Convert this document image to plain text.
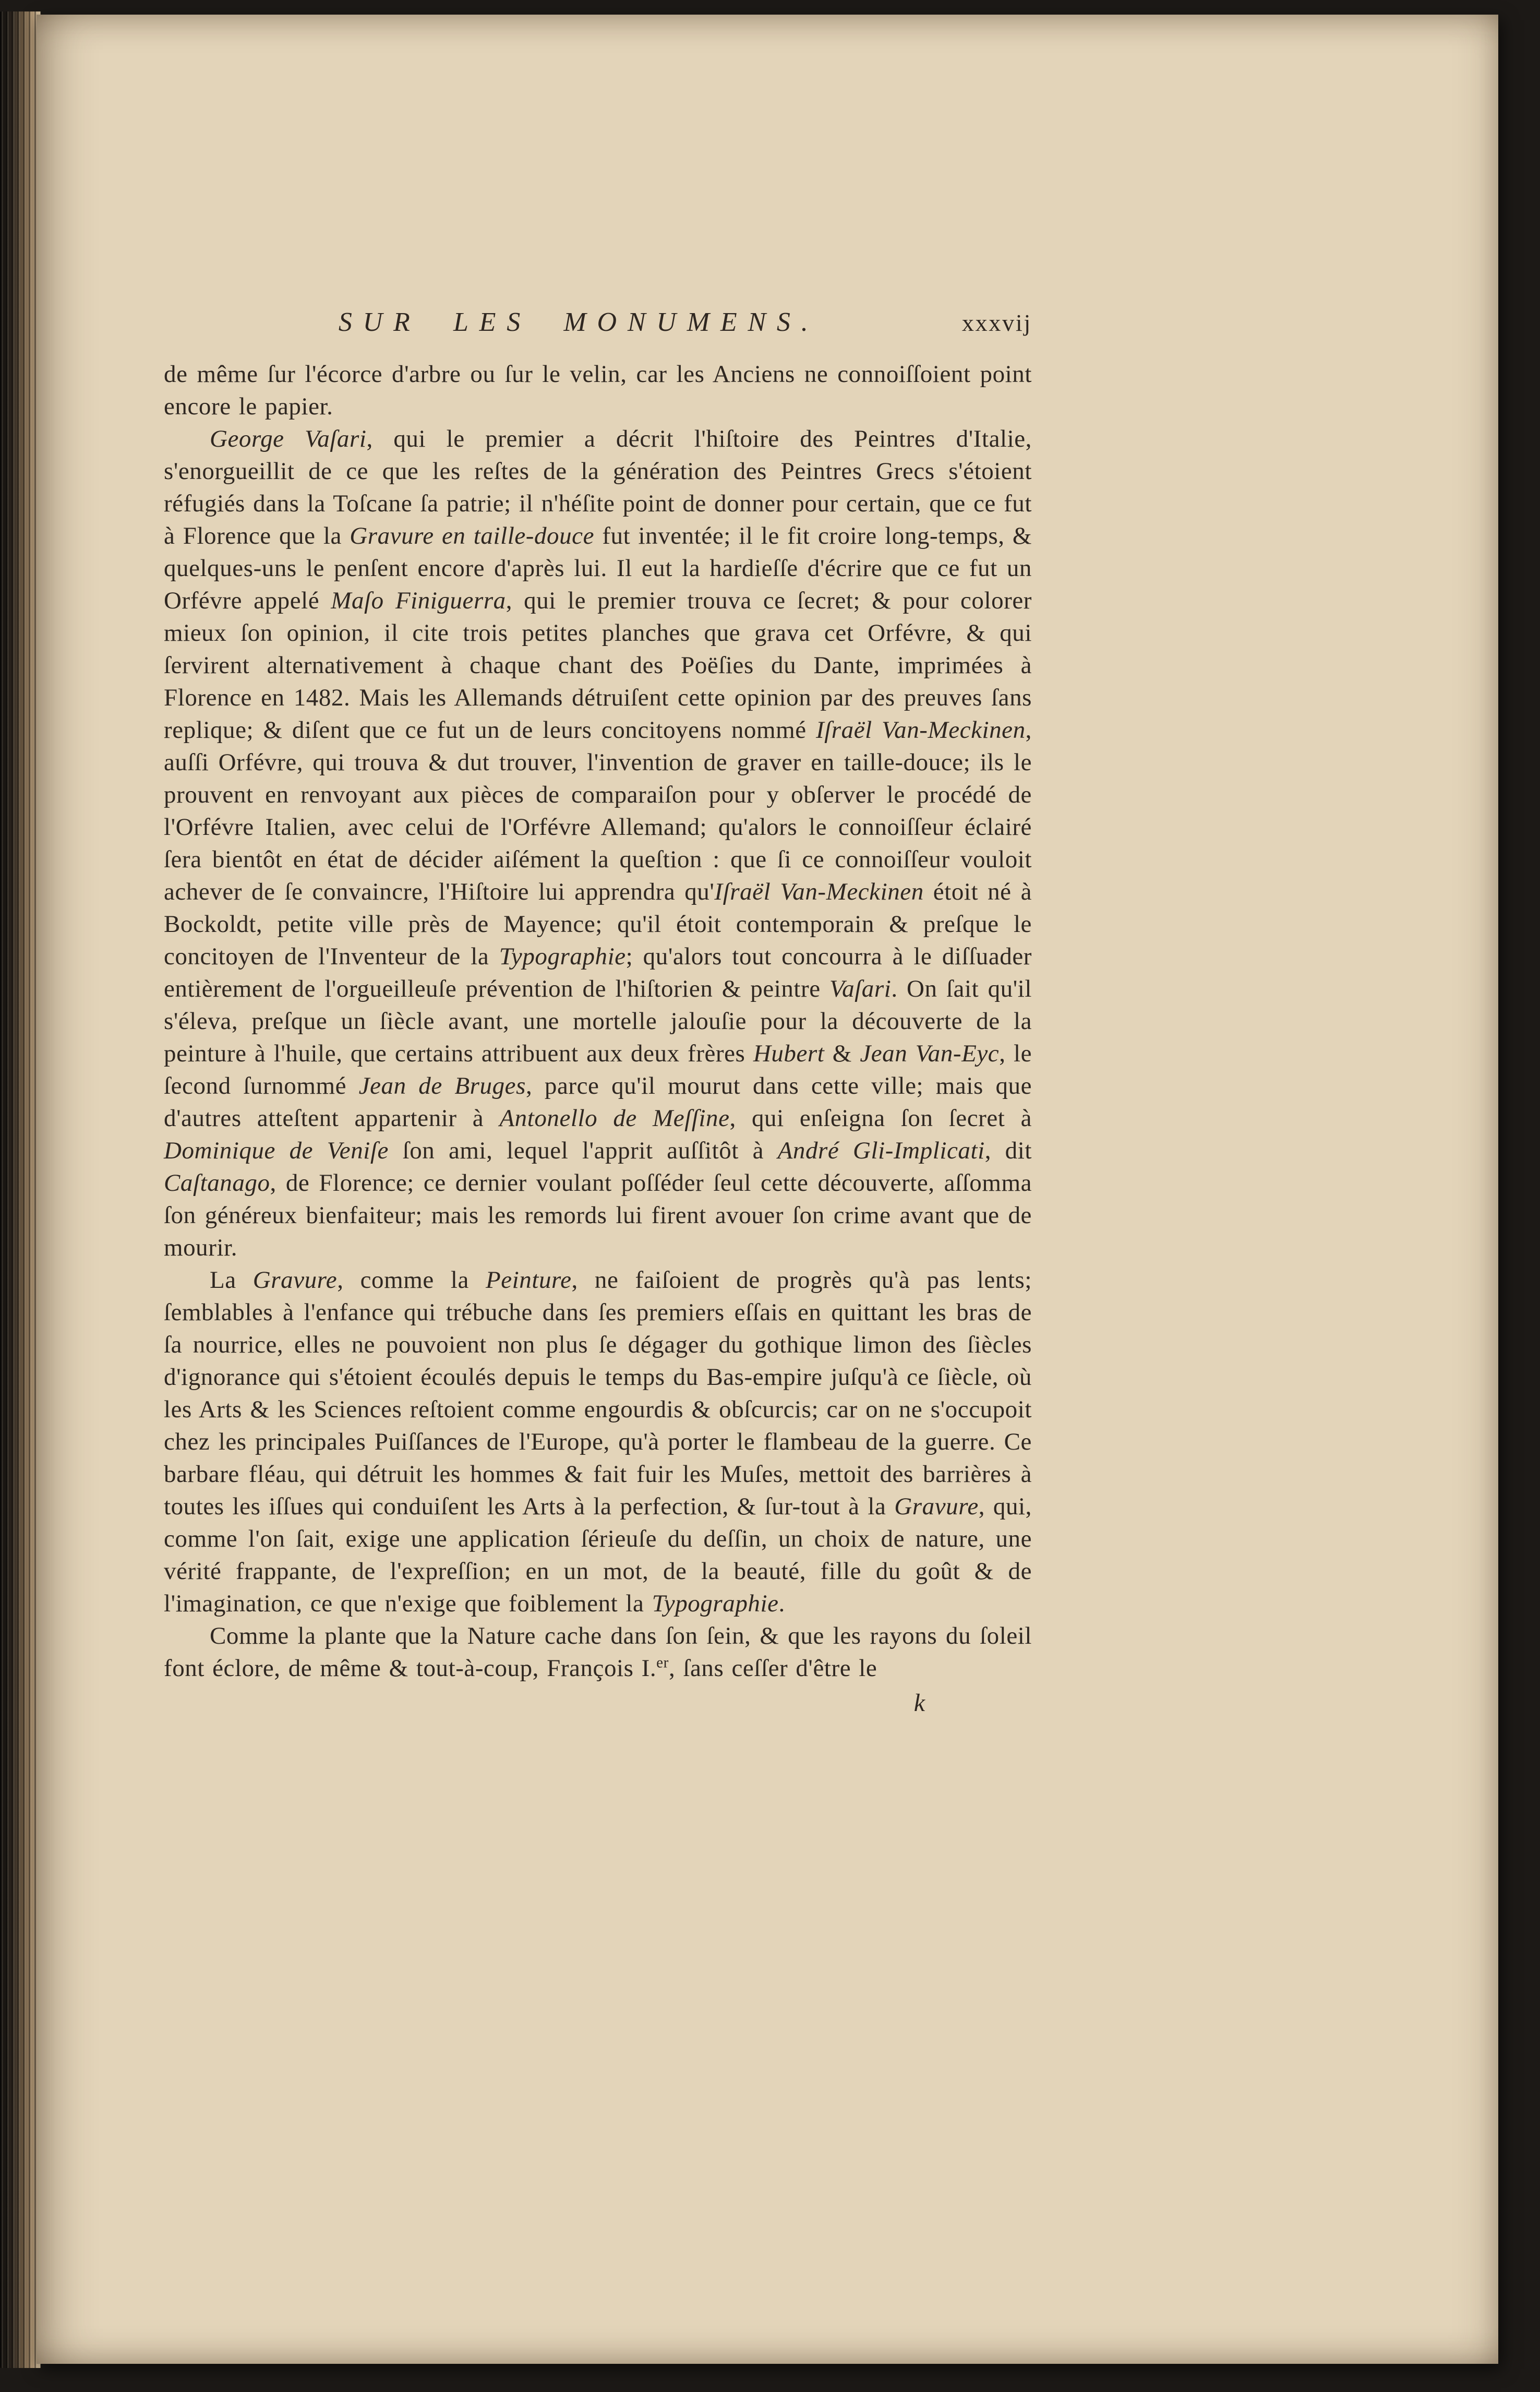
SUR LES MONUMENS.	xxxvij

de même ſur l'écorce d'arbre ou ſur le velin, car les Anciens ne connoiſſoient point encore le papier.

George Vaſari, qui le premier a décrit l'hiſtoire des Peintres d'Italie, s'enorgueillit de ce que les reſtes de la génération des Peintres Grecs s'étoient réfugiés dans la Toſcane ſa patrie; il n'héſite point de donner pour certain, que ce fut à Florence que la Gravure en taille-douce fut inventée; il le fit croire long-temps, & quelques-uns le penſent encore d'après lui. Il eut la hardieſſe d'écrire que ce fut un Orfévre appelé Maſo Finiguerra, qui le premier trouva ce ſecret; & pour colorer mieux ſon opinion, il cite trois petites planches que grava cet Orfévre, & qui ſervirent alternativement à chaque chant des Poëſies du Dante, imprimées à Florence en 1482. Mais les Allemands détruiſent cette opinion par des preuves ſans replique; & diſent que ce fut un de leurs concitoyens nommé Iſraël Van-Meckinen, auſſi Orfévre, qui trouva & dut trouver, l'invention de graver en taille-douce; ils le prouvent en renvoyant aux pièces de comparaiſon pour y obſerver le procédé de l'Orfévre Italien, avec celui de l'Orfévre Allemand; qu'alors le connoiſſeur éclairé ſera bientôt en état de décider aiſément la queſtion : que ſi ce connoiſſeur vouloit achever de ſe convaincre, l'Hiſtoire lui apprendra qu'Iſraël Van-Meckinen étoit né à Bockoldt, petite ville près de Mayence; qu'il étoit contemporain & preſque le concitoyen de l'Inventeur de la Typographie; qu'alors tout concourra à le diſſuader entièrement de l'orgueilleuſe prévention de l'hiſtorien & peintre Vaſari. On ſait qu'il s'éleva, preſque un ſiècle avant, une mortelle jalouſie pour la découverte de la peinture à l'huile, que certains attribuent aux deux frères Hubert & Jean Van-Eyc, le ſecond ſurnommé Jean de Bruges, parce qu'il mourut dans cette ville; mais que d'autres atteſtent appartenir à Antonello de Meſſine, qui enſeigna ſon ſecret à Dominique de Veniſe ſon ami, lequel l'apprit auſſitôt à André Gli-Implicati, dit Caſtanago, de Florence; ce dernier voulant poſſéder ſeul cette découverte, aſſomma ſon généreux bienfaiteur; mais les remords lui firent avouer ſon crime avant que de mourir.

La Gravure, comme la Peinture, ne faiſoient de progrès qu'à pas lents; ſemblables à l'enfance qui trébuche dans ſes premiers eſſais en quittant les bras de ſa nourrice, elles ne pouvoient non plus ſe dégager du gothique limon des ſiècles d'ignorance qui s'étoient écoulés depuis le temps du Bas-empire juſqu'à ce ſiècle, où les Arts & les Sciences reſtoient comme engourdis & obſcurcis; car on ne s'occupoit chez les principales Puiſſances de l'Europe, qu'à porter le flambeau de la guerre. Ce barbare fléau, qui détruit les hommes & fait fuir les Muſes, mettoit des barrières à toutes les iſſues qui conduiſent les Arts à la perfection, & ſur-tout à la Gravure, qui, comme l'on ſait, exige une application ſérieuſe du deſſin, un choix de nature, une vérité frappante, de l'expreſſion; en un mot, de la beauté, fille du goût & de l'imagination, ce que n'exige que foiblement la Typographie.

Comme la plante que la Nature cache dans ſon ſein, & que les rayons du ſoleil font éclore, de même & tout-à-coup, François I.$^{er}$, ſans ceſſer d'être le

k
